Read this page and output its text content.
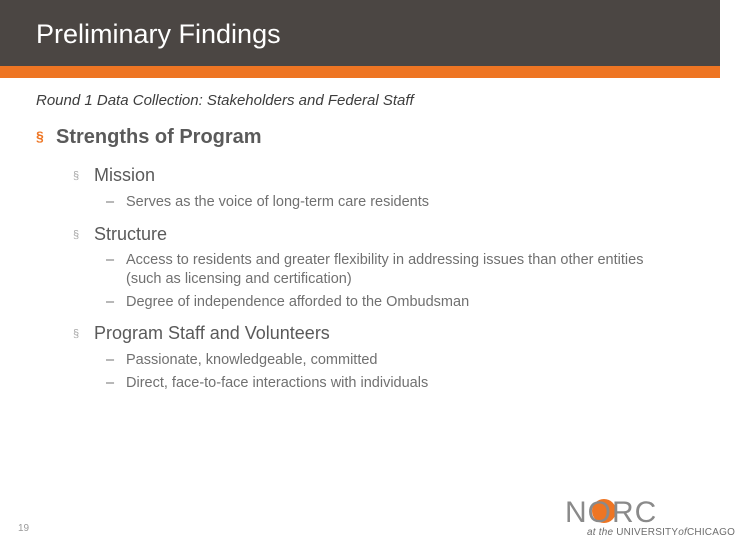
Preliminary Findings
Round 1 Data Collection: Stakeholders and Federal Staff
§ Strengths of Program
§ Mission
– Serves as the voice of long-term care residents
§ Structure
– Access to residents and greater flexibility in addressing issues than other entities (such as licensing and certification)
– Degree of independence afforded to the Ombudsman
§ Program Staff and Volunteers
– Passionate, knowledgeable, committed
– Direct, face-to-face interactions with individuals
19	NORC
at the UNIVERSITYofCHICAGO
